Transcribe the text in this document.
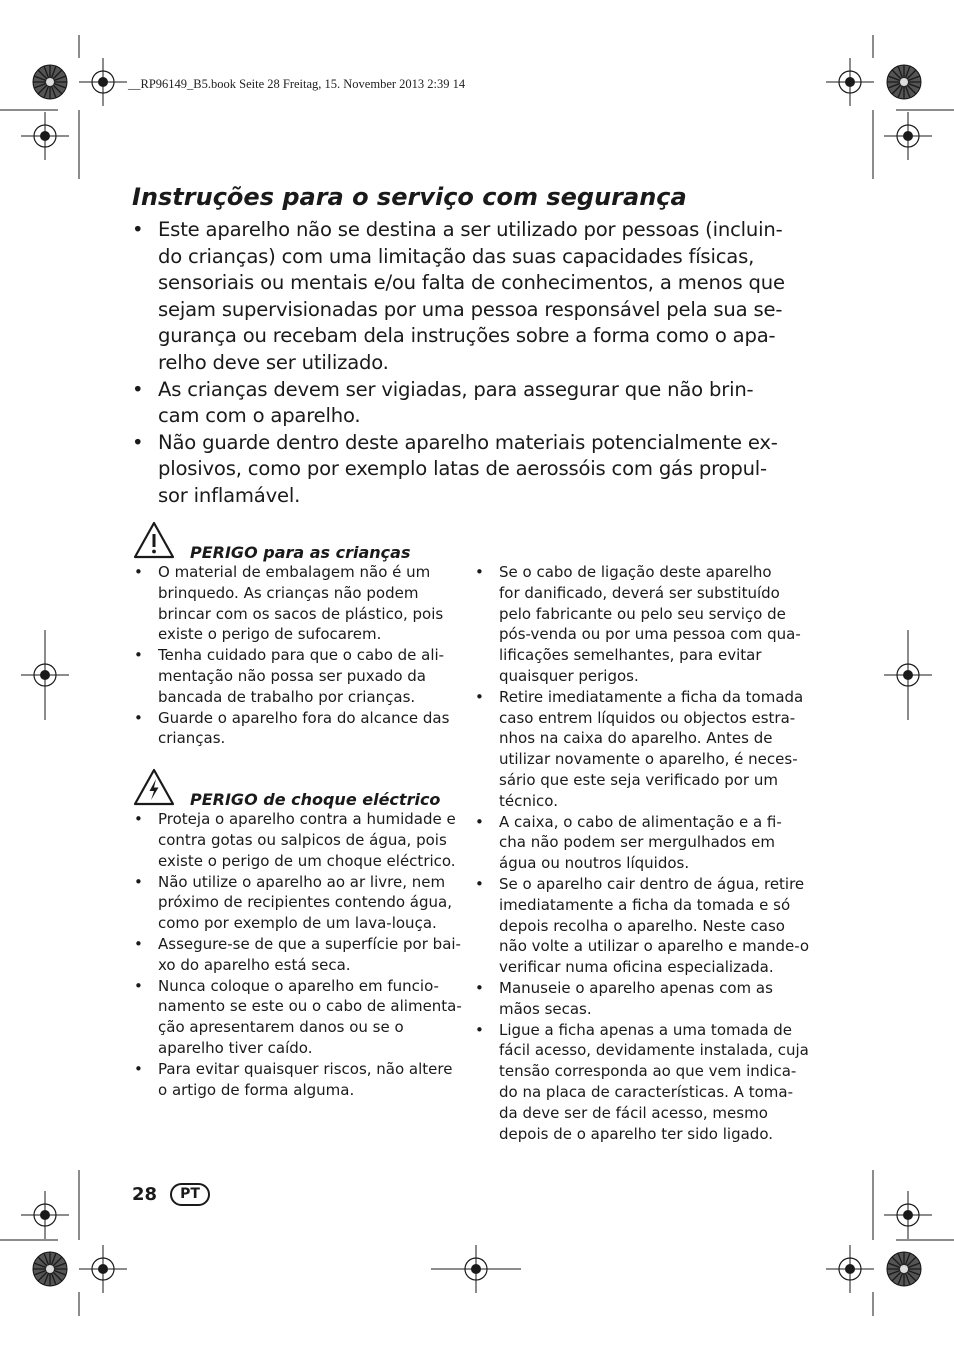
__RP96149_B5.book Seite 28 Freitag, 15. November 2013 2:39 14
Instruções para o serviço com segurança
• Este aparelho não se destina a ser utilizado por pessoas (incluin-
do crianças) com uma limitação das suas capacidades físicas,
sensoriais ou mentais e/ou falta de conhecimentos, a menos que
sejam supervisionadas por uma pessoa responsável pela sua se-
gurança ou recebam dela instruções sobre a forma como o apa-
relho deve ser utilizado.
• As crianças devem ser vigiadas, para assegurar que não brin-
cam com o aparelho.
• Não guarde dentro deste aparelho materiais potencialmente ex-
plosivos, como por exemplo latas de aerossóis com gás propul-
sor inflamável.
PERIGO para as crianças
• O material de embalagem não é um
brinquedo. As crianças não podem
brincar com os sacos de plástico, pois
existe o perigo de sufocarem.
• Tenha cuidado para que o cabo de ali-
mentação não possa ser puxado da
bancada de trabalho por crianças.
• Guarde o aparelho fora do alcance das
crianças.
PERIGO de choque eléctrico
• Proteja o aparelho contra a humidade e
contra gotas ou salpicos de água, pois
existe o perigo de um choque eléctrico.
• Não utilize o aparelho ao ar livre, nem
próximo de recipientes contendo água,
como por exemplo de um lava-louça.
• Assegure-se de que a superfície por bai-
xo do aparelho está seca.
• Nunca coloque o aparelho em funcio-
namento se este ou o cabo de alimenta-
ção apresentarem danos ou se o
aparelho tiver caído.
• Para evitar quaisquer riscos, não altere
o artigo de forma alguma.
• Se o cabo de ligação deste aparelho
for danificado, deverá ser substituído
pelo fabricante ou pelo seu serviço de
pós-venda ou por uma pessoa com qua-
lificações semelhantes, para evitar
quaisquer perigos.
• Retire imediatamente a ficha da tomada
caso entrem líquidos ou objectos estra-
nhos na caixa do aparelho. Antes de
utilizar novamente o aparelho, é neces-
sário que este seja verificado por um
técnico.
• A caixa, o cabo de alimentação e a fi-
cha não podem ser mergulhados em
água ou noutros líquidos.
• Se o aparelho cair dentro de água, retire
imediatamente a ficha da tomada e só
depois recolha o aparelho. Neste caso
não volte a utilizar o aparelho e mande-o
verificar numa oficina especializada.
• Manuseie o aparelho apenas com as
mãos secas.
• Ligue a ficha apenas a uma tomada de
fácil acesso, devidamente instalada, cuja
tensão corresponda ao que vem indica-
do na placa de características. A toma-
da deve ser de fácil acesso, mesmo
depois de o aparelho ter sido ligado.
28	PT
